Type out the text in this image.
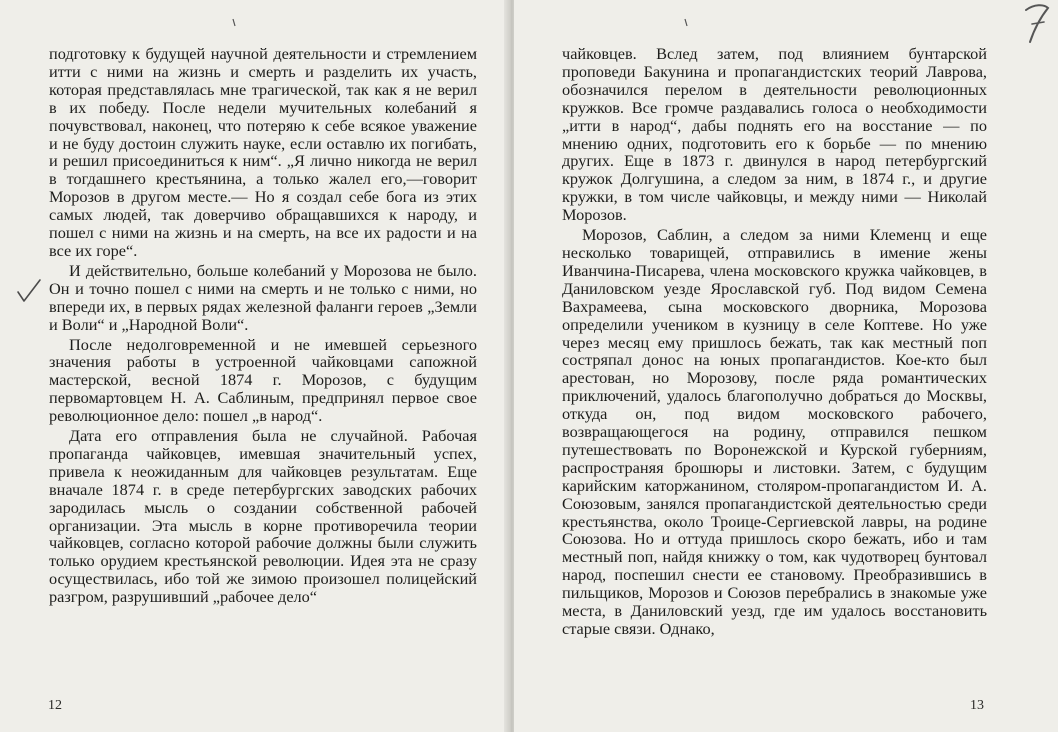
подготовку к будущей научной деятельности и стремлением итти с ними на жизнь и смерть и разделить их участь, которая представлялась мне трагической, так как я не верил в их победу. После недели мучительных колебаний я почувствовал, наконец, что потеряю к себе всякое уважение и не буду достоин служить науке, если оставлю их погибать, и решил присоединиться к ним“. „Я лично никогда не верил в тогдашнего крестьянина, а только жалел его,—говорит Морозов в другом месте.— Но я создал себе бога из этих самых людей, так доверчиво обращавшихся к народу, и пошел с ними на жизнь и на смерть, на все их радости и на все их горе“.

И действительно, больше колебаний у Морозова не было. Он и точно пошел с ними на смерть и не только с ними, но впереди их, в первых рядах железной фаланги героев „Земли и Воли“ и „Народной Воли“.

После недолговременной и не имевшей серьезного значения работы в устроенной чайковцами сапожной мастерской, весной 1874 г. Морозов, с будущим первомартовцем Н. А. Саблиным, предпринял первое свое революционное дело: пошел „в народ“.

Дата его отправления была не случайной. Рабочая пропаганда чайковцев, имевшая значительный успех, привела к неожиданным для чайковцев результатам. Еще вначале 1874 г. в среде петербургских заводских рабочих зародилась мысль о создании собственной рабочей организации. Эта мысль в корне противоречила теории чайковцев, согласно которой рабочие должны были служить только орудием крестьянской революции. Идея эта не сразу осуществилась, ибо той же зимою произошел полицейский разгром, разрушивший „рабочее дело“

12

чайковцев. Вслед затем, под влиянием бунтарской проповеди Бакунина и пропагандистских теорий Лаврова, обозначился перелом в деятельности революционных кружков. Все громче раздавались голоса о необходимости „итти в народ“, дабы поднять его на восстание — по мнению одних, подготовить его к борьбе — по мнению других. Еще в 1873 г. двинулся в народ петербургский кружок Долгушина, а следом за ним, в 1874 г., и другие кружки, в том числе чайковцы, и между ними — Николай Морозов.

Морозов, Саблин, а следом за ними Клеменц и еще несколько товарищей, отправились в имение жены Иванчина-Писарева, члена московского кружка чайковцев, в Даниловском уезде Ярославской губ. Под видом Семена Вахрамеева, сына московского дворника, Морозова определили учеником в кузницу в селе Коптеве. Но уже через месяц ему пришлось бежать, так как местный поп состряпал донос на юных пропагандистов. Кое-кто был арестован, но Морозову, после ряда романтических приключений, удалось благополучно добраться до Москвы, откуда он, под видом московского рабочего, возвращающегося на родину, отправился пешком путешествовать по Воронежской и Курской губерниям, распространяя брошюры и листовки. Затем, с будущим карийским каторжанином, столяром-пропагандистом И. А. Союзовым, занялся пропагандистской деятельностью среди крестьянства, около Троице-Сергиевской лавры, на родине Союзова. Но и оттуда пришлось скоро бежать, ибо и там местный поп, найдя книжку о том, как чудотворец бунтовал народ, поспешил снести ее становому. Преобразившись в пильщиков, Морозов и Союзов перебрались в знакомые уже места, в Даниловский уезд, где им удалось восстановить старые связи. Однако,

13
